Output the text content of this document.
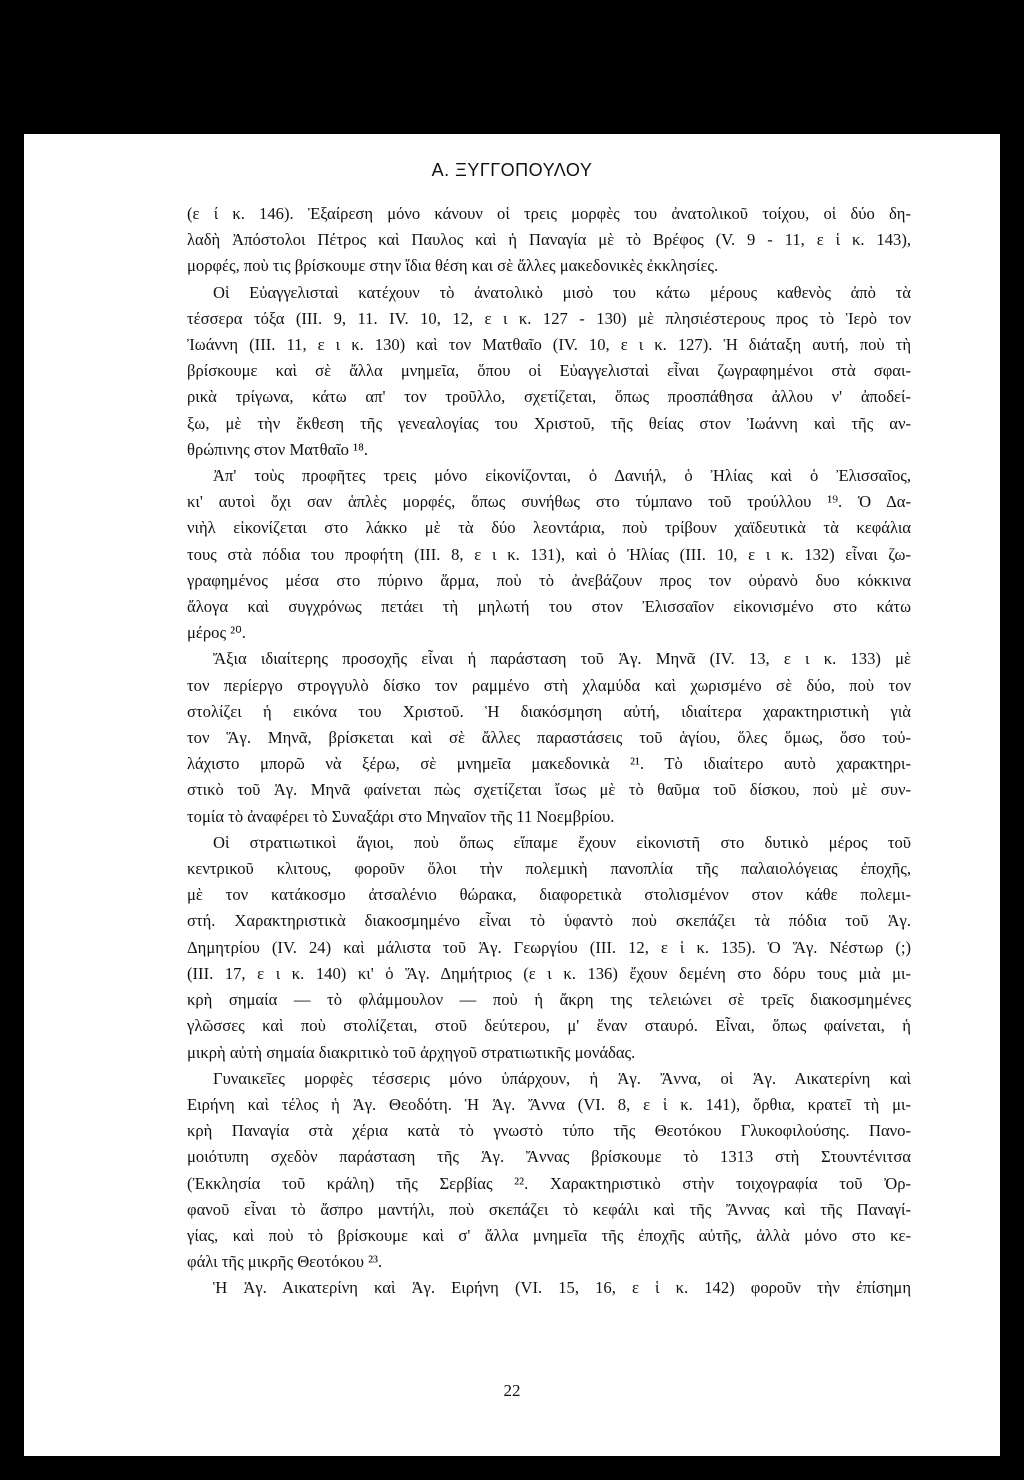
Α. ΞΥΓΓΟΠΟΥΛΟΥ
(ε ί κ. 146). Ἐξαίρεση μόνο κάνουν οἱ τρεις μορφὲς του ἀνατολικοῦ τοίχου, οἱ δύο δη-
λαδὴ Ἀπόστολοι Πέτρος καὶ Παυλος καὶ ἡ Παναγία μὲ τὸ Βρέφος (V. 9 - 11, ε ἱ κ. 143),
μορφές, ποὺ τις βρίσκουμε στην ἴδια θέση και σὲ ἄλλες μακεδονικὲς ἐκκλησίες.
Οἱ Εὐαγγελισταὶ κατέχουν τὸ ἀνατολικὸ μισὸ του κάτω μέρους καθενὸς ἀπὸ τὰ
τέσσερα τόξα (ΙΙΙ. 9, 11. IV. 10, 12, ε ι κ. 127 - 130) μὲ πλησιέστερους προς τὸ Ἱερὸ τον
Ἰωάννη (ΙΙΙ. 11, ε ι κ. 130) καὶ τον Ματθαῖο (IV. 10, ε ι κ. 127). Ἡ διάταξη αυτή, ποὺ τὴ
βρίσκουμε καὶ σὲ ἄλλα μνημεῖα, ὅπου οἱ Εὐαγγελισταὶ εἶναι ζωγραφημένοι στὰ σφαι-
ρικὰ τρίγωνα, κάτω απ' τον τροῦλλο, σχετίζεται, ὅπως προσπάθησα ἀλλου ν' ἀποδεί-
ξω, μὲ τὴν ἔκθεση τῆς γενεαλογίας του Χριστοῦ, τῆς θείας στον Ἰωάννη καὶ τῆς αν-
θρώπινης στον Ματθαῖο ¹⁸.
Ἀπ' τοὺς προφῆτες τρεις μόνο εἰκονίζονται, ὁ Δανιήλ, ὁ Ἠλίας καὶ ὁ Ἐλισσαῖος,
κι' αυτοὶ ὄχι σαν ἁπλὲς μορφές, ὅπως συνήθως στο τύμπανο τοῦ τρούλλου ¹⁹. Ὁ Δα-
νιὴλ εἰκονίζεται στο λάκκο μὲ τὰ δύο λεοντάρια, ποὺ τρίβουν χαϊδευτικὰ τὰ κεφάλια
τους στὰ πόδια του προφήτη (ΙΙΙ. 8, ε ι κ. 131), καὶ ὁ Ἠλίας (ΙΙΙ. 10, ε ι κ. 132) εἶναι ζω-
γραφημένος μέσα στο πύρινο ἅρμα, ποὺ τὸ ἀνεβάζουν προς τον οὐρανὸ δυο κόκκινα
ἄλογα καὶ συγχρόνως πετάει τὴ μηλωτή του στον Ἐλισσαῖον εἰκονισμένο στο κάτω
μέρος ²⁰.
Ἄξια ιδιαίτερης προσοχῆς εἶναι ἡ παράσταση τοῦ Ἁγ. Μηνᾶ (IV. 13, ε ι κ. 133) μὲ
τον περίεργο στρογγυλὸ δίσκο τον ραμμένο στὴ χλαμύδα καὶ χωρισμένο σὲ δύο, ποὺ τον
στολίζει ἡ εικόνα του Χριστοῦ. Ἡ διακόσμηση αὐτή, ιδιαίτερα χαρακτηριστικὴ γιὰ
τον Ἅγ. Μηνᾶ, βρίσκεται καὶ σὲ ἄλλες παραστάσεις τοῦ ἁγίου, ὅλες ὅμως, ὅσο τοὐ-
λάχιστο μπορῶ νὰ ξέρω, σὲ μνημεῖα μακεδονικὰ ²¹. Τὸ ιδιαίτερο αυτὸ χαρακτηρι-
στικὸ τοῦ Ἁγ. Μηνᾶ φαίνεται πὼς σχετίζεται ἴσως μὲ τὸ θαῦμα τοῦ δίσκου, ποὺ μὲ συν-
τομία τὸ ἀναφέρει τὸ Συναξάρι στο Μηναῖον τῆς 11 Νοεμβρίου.
Οἱ στρατιωτικοὶ ἅγιοι, ποὺ ὅπως εἴπαμε ἔχουν εἰκονιστῆ στο δυτικὸ μέρος τοῦ
κεντρικοῦ κλιτους, φοροῦν ὅλοι τὴν πολεμικὴ πανοπλία τῆς παλαιολόγειας ἐποχῆς,
μὲ τον κατάκοσμο ἀτσαλένιο θώρακα, διαφορετικὰ στολισμένον στον κάθε πολεμι-
στή. Χαρακτηριστικὰ διακοσμημένο εἶναι τὸ ὑφαντὸ ποὺ σκεπάζει τὰ πόδια τοῦ Ἁγ.
Δημητρίου (IV. 24) καὶ μάλιστα τοῦ Ἁγ. Γεωργίου (ΙΙΙ. 12, ε ἱ κ. 135). Ὁ Ἅγ. Νέστωρ (;)
(ΙΙΙ. 17, ε ι κ. 140) κι' ὁ Ἅγ. Δημήτριος (ε ι κ. 136) ἔχουν δεμένη στο δόρυ τους μιὰ μι-
κρὴ σημαία — τὸ φλάμμουλον — ποὺ ἡ ἄκρη της τελειώνει σὲ τρεῖς διακοσμημένες
γλῶσσες καὶ ποὺ στολίζεται, στοῦ δεύτερου, μ' ἕναν σταυρό. Εἶναι, ὅπως φαίνεται, ἡ
μικρὴ αὐτὴ σημαία διακριτικὸ τοῦ ἀρχηγοῦ στρατιωτικῆς μονάδας.
Γυναικεῖες μορφὲς τέσσερις μόνο ὑπάρχουν, ἡ Ἁγ. Ἄννα, οἱ Ἁγ. Αικατερίνη καὶ
Ειρήνη καὶ τέλος ἡ Ἁγ. Θεοδότη. Ἡ Ἁγ. Ἄννα (VI. 8, ε ἱ κ. 141), ὄρθια, κρατεῖ τὴ μι-
κρὴ Παναγία στὰ χέρια κατὰ τὸ γνωστὸ τύπο τῆς Θεοτόκου Γλυκοφιλούσης. Πανο-
μοιότυπη σχεδὸν παράσταση τῆς Ἁγ. Ἄννας βρίσκουμε τὸ 1313 στὴ Στουντένιτσα
(Ἐκκλησία τοῦ κράλη) τῆς Σερβίας ²². Χαρακτηριστικὸ στὴν τοιχογραφία τοῦ Ὀρ-
φανοῦ εἶναι τὸ ἄσπρο μαντήλι, ποὺ σκεπάζει τὸ κεφάλι καὶ τῆς Ἄννας καὶ τῆς Παναγί-
γίας, καὶ ποὺ τὸ βρίσκουμε καὶ σ' ἄλλα μνημεῖα τῆς ἐποχῆς αὐτῆς, ἀλλὰ μόνο στο κε-
φάλι τῆς μικρῆς Θεοτόκου ²³.
Ἡ Ἁγ. Αικατερίνη καὶ Ἁγ. Ειρήνη (VI. 15, 16, ε ἱ κ. 142) φοροῦν τὴν ἐπίσημη
22
